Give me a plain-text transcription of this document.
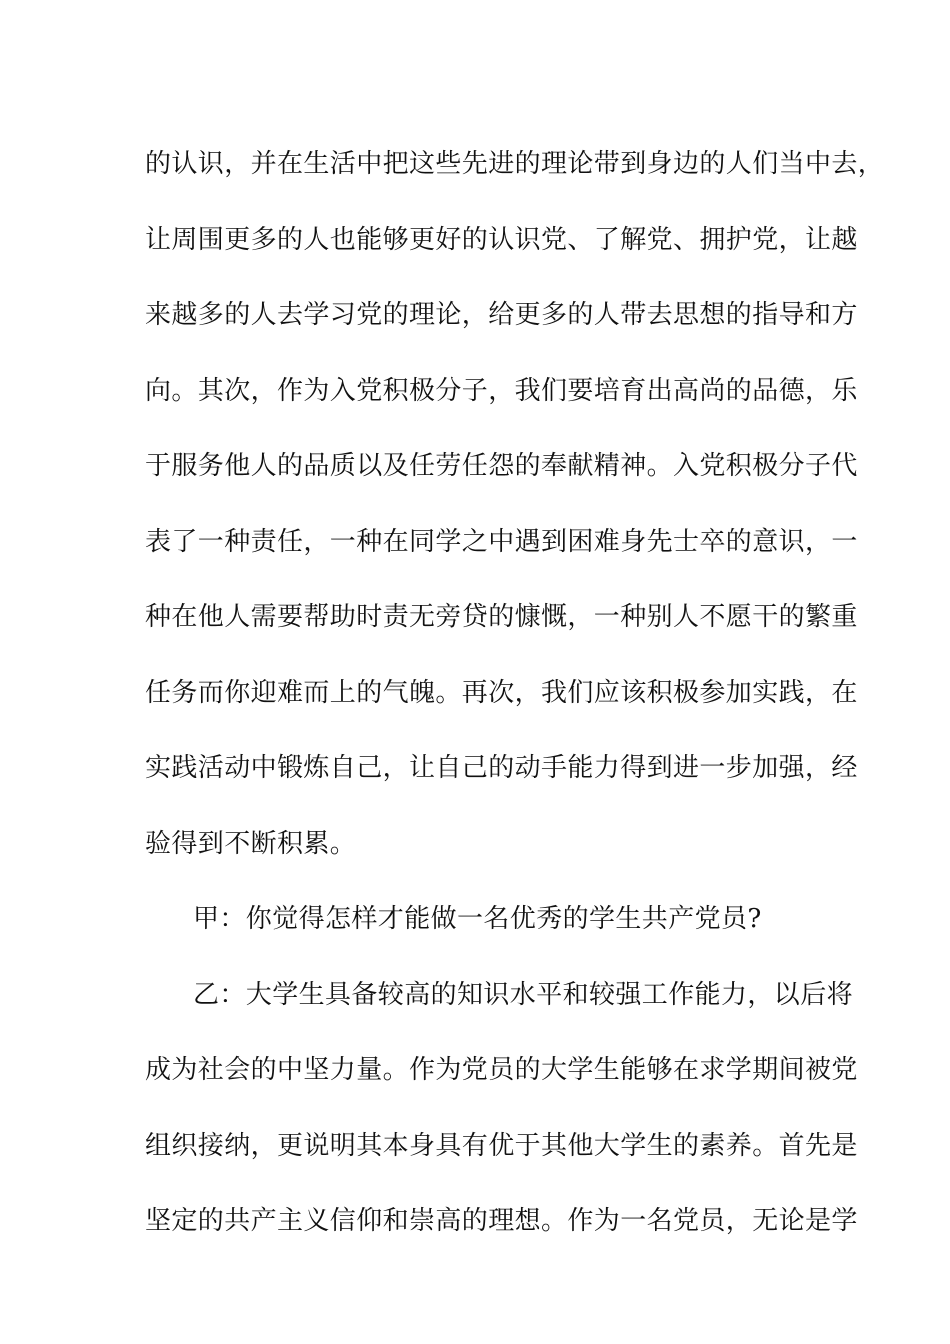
的认识，并在生活中把这些先进的理论带到身边的人们当中去，
让周围更多的人也能够更好的认识党、了解党、拥护党，让越
来越多的人去学习党的理论，给更多的人带去思想的指导和方
向。其次，作为入党积极分子，我们要培育出高尚的品德，乐
于服务他人的品质以及任劳任怨的奉献精神。入党积极分子代
表了一种责任，一种在同学之中遇到困难身先士卒的意识，一
种在他人需要帮助时责无旁贷的慷慨，一种别人不愿干的繁重
任务而你迎难而上的气魄。再次，我们应该积极参加实践，在
实践活动中锻炼自己，让自己的动手能力得到进一步加强，经
验得到不断积累。
甲：你觉得怎样才能做一名优秀的学生共产党员?
乙：大学生具备较高的知识水平和较强工作能力，以后将
成为社会的中坚力量。作为党员的大学生能够在求学期间被党
组织接纳，更说明其本身具有优于其他大学生的素养。首先是
坚定的共产主义信仰和崇高的理想。作为一名党员，无论是学
